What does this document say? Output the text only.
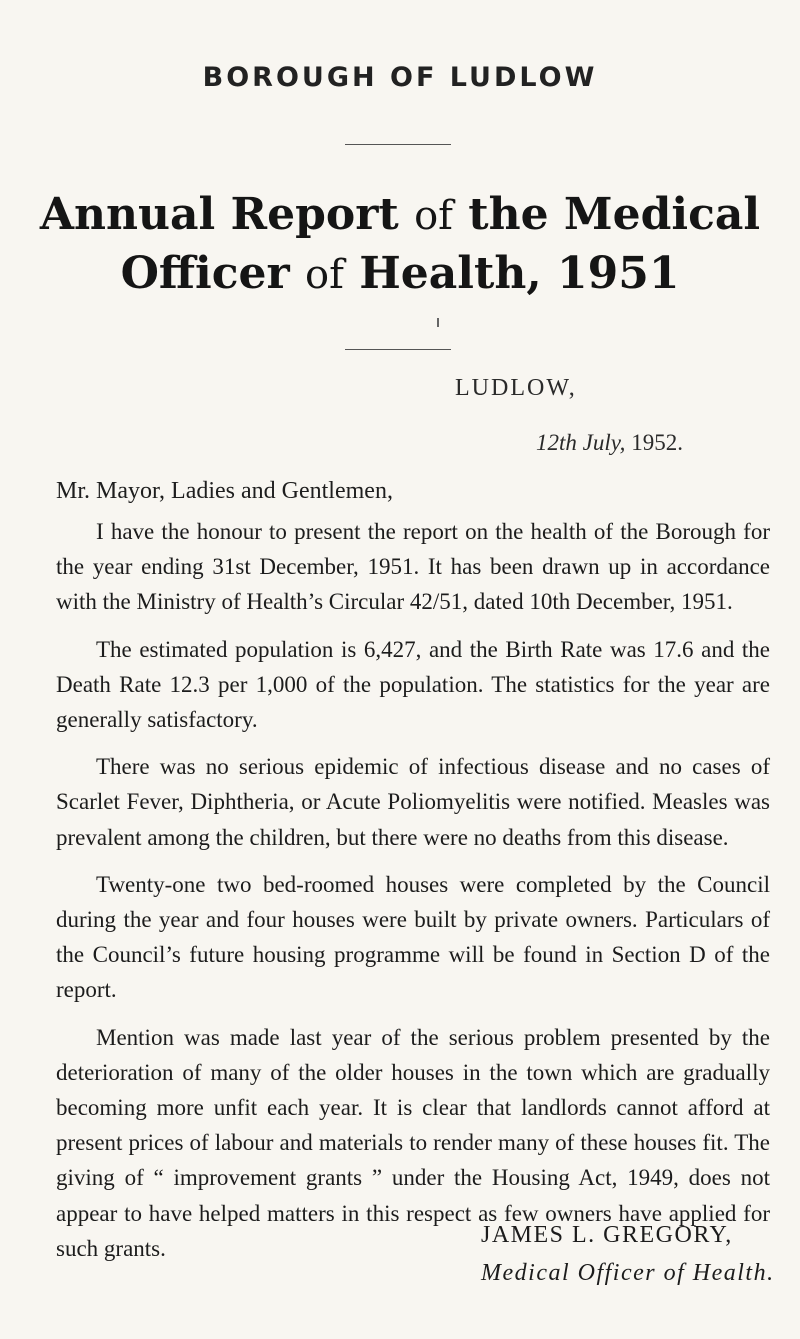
BOROUGH OF LUDLOW
Annual Report of the Medical
Officer of Health, 1951
LUDLOW,
12th July, 1952.
Mr. Mayor, Ladies and Gentlemen,

I have the honour to present the report on the health of the Borough for the year ending 31st December, 1951. It has been drawn up in accordance with the Ministry of Health’s Circular 42/51, dated 10th December, 1951.

The estimated population is 6,427, and the Birth Rate was 17.6 and the Death Rate 12.3 per 1,000 of the population. The statistics for the year are generally satisfactory.

There was no serious epidemic of infectious disease and no cases of Scarlet Fever, Diphtheria, or Acute Poliomyelitis were notified. Measles was prevalent among the children, but there were no deaths from this disease.

Twenty-one two bed-roomed houses were completed by the Council during the year and four houses were built by private owners. Particulars of the Council’s future housing programme will be found in Section D of the report.

Mention was made last year of the serious problem presented by the deterioration of many of the older houses in the town which are gradually becoming more unfit each year. It is clear that landlords cannot afford at present prices of labour and materials to render many of these houses fit. The giving of “ improvement grants ” under the Housing Act, 1949, does not appear to have helped matters in this respect as few owners have applied for such grants.

JAMES L. GREGORY,
Medical Officer of Health.
